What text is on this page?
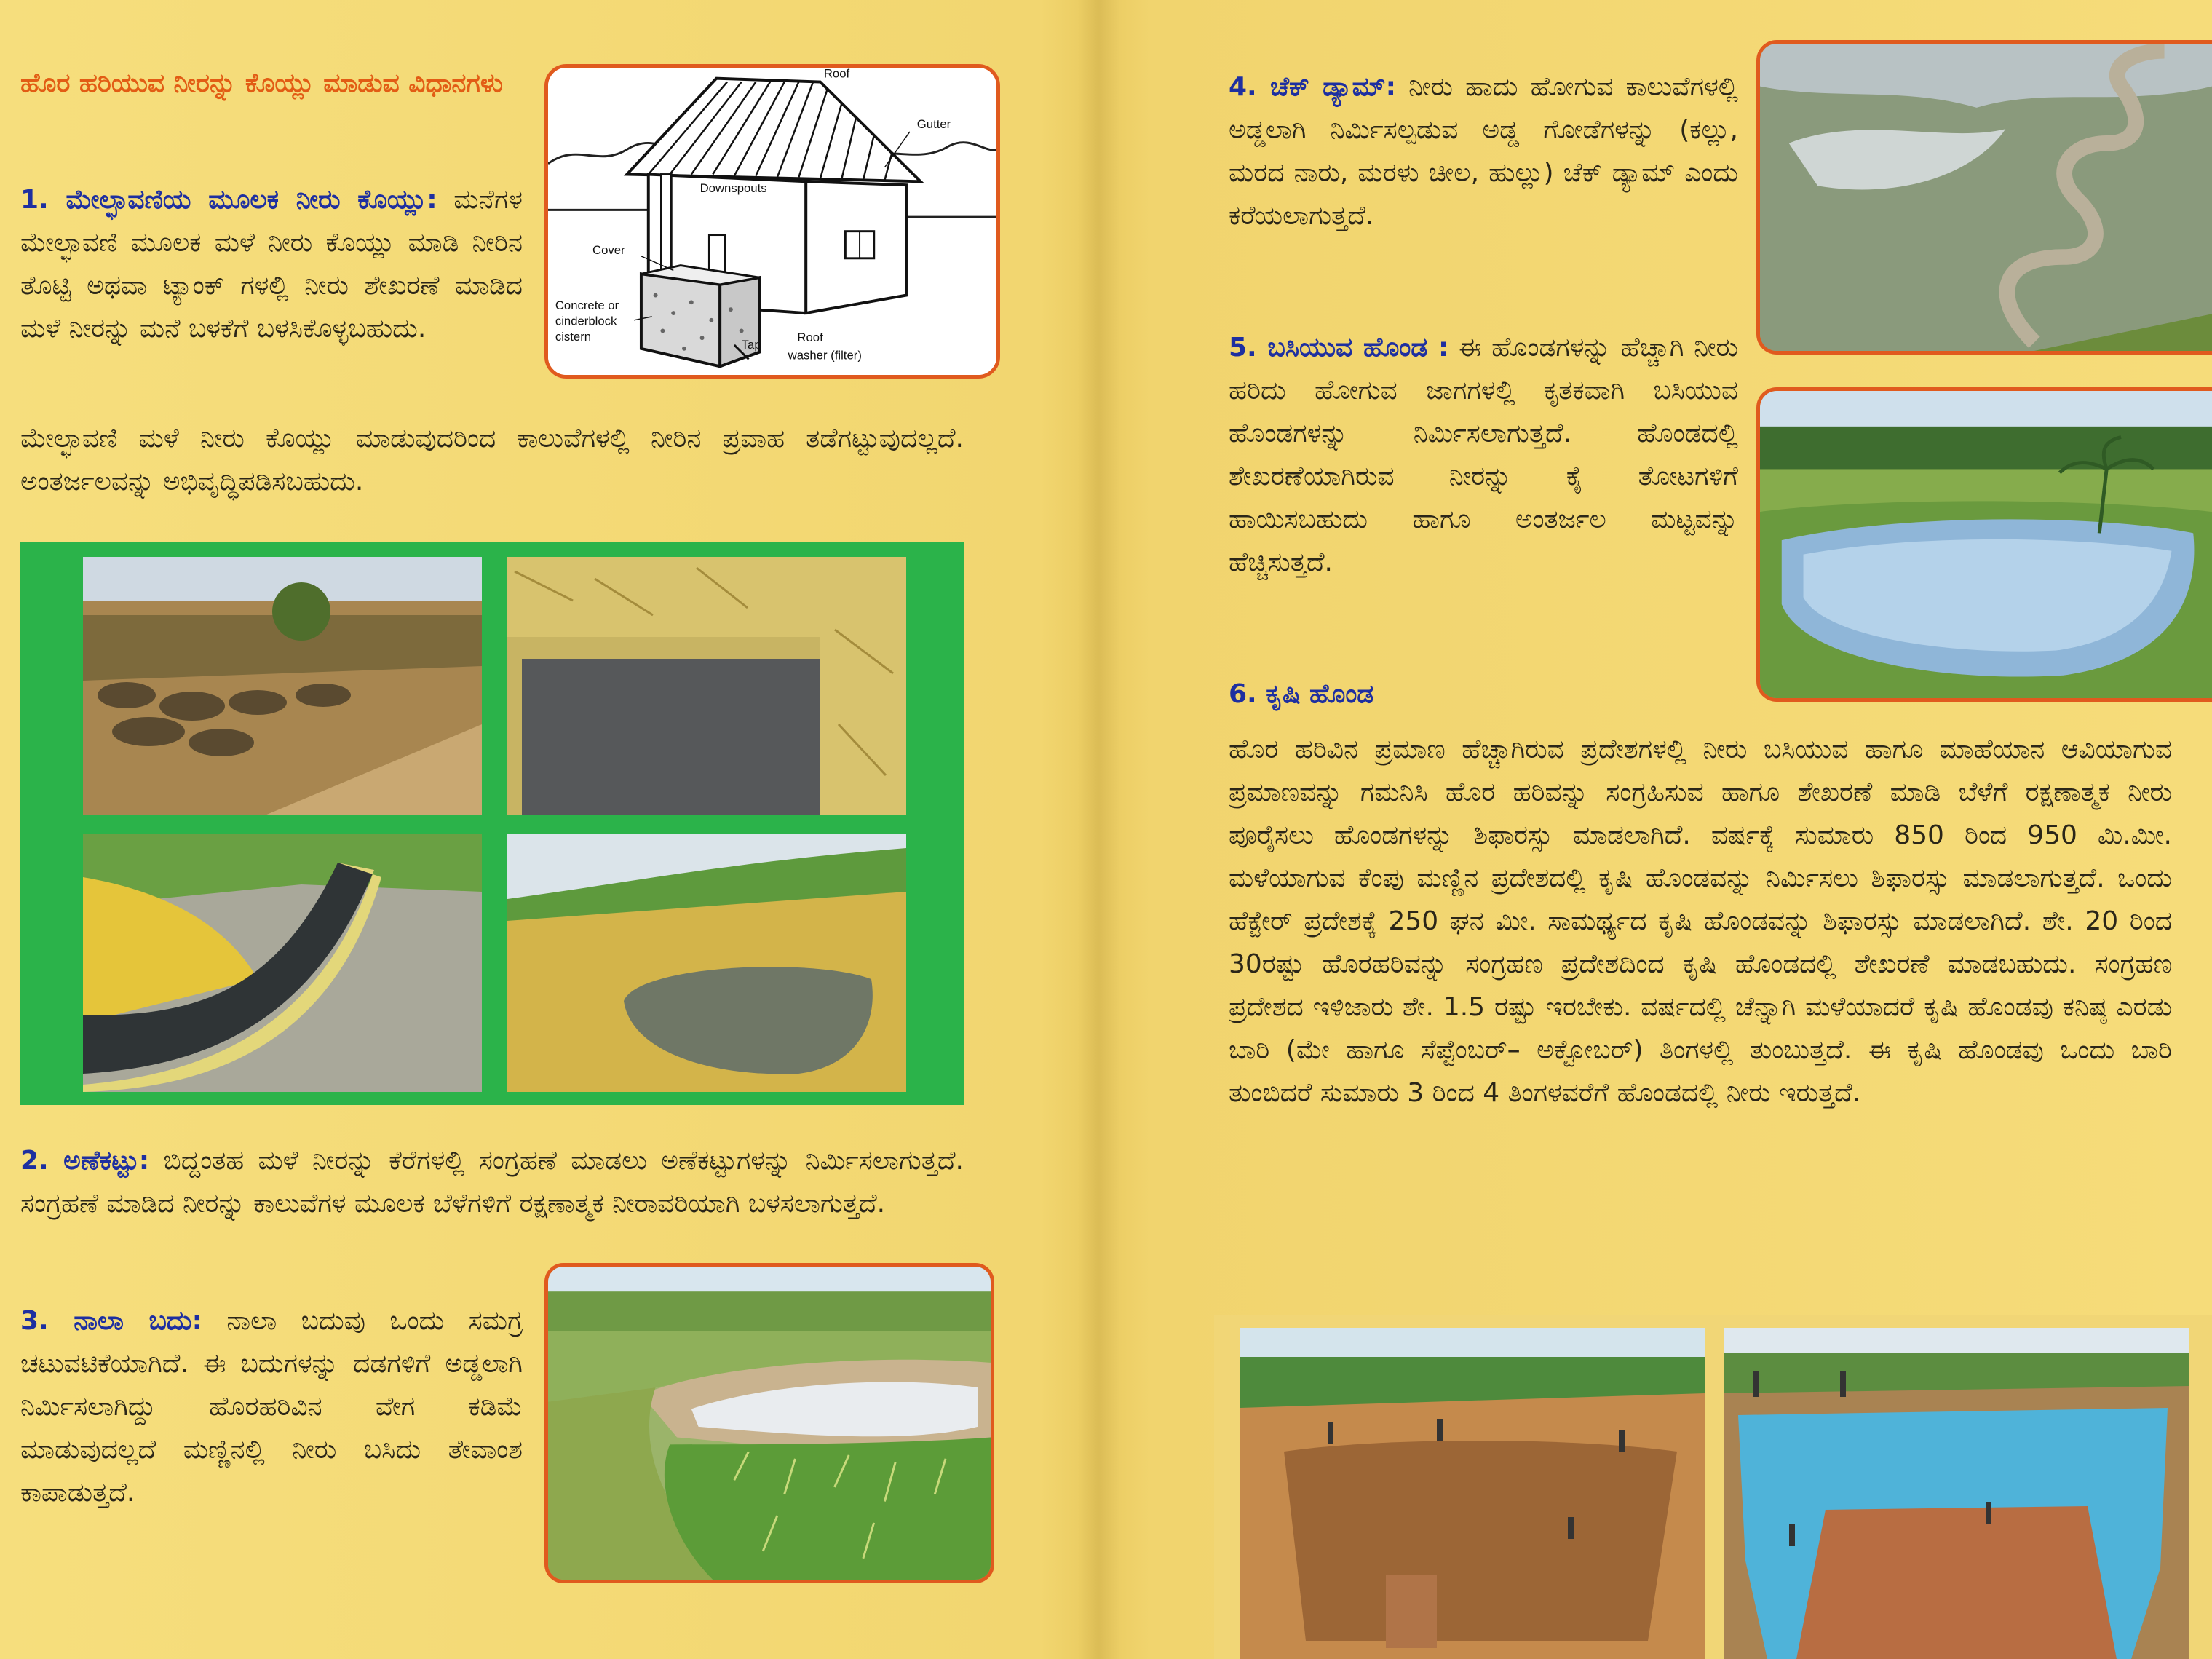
ಹೊರ ಹರಿಯುವ ನೀರನ್ನು ಕೊಯ್ಲು ಮಾಡುವ ವಿಧಾನಗಳು

1. ಮೇಲ್ಛಾವಣಿಯ ಮೂಲಕ ನೀರು ಕೊಯ್ಲು: ಮನೆಗಳ ಮೇಲ್ಛಾವಣಿ ಮೂಲಕ ಮಳೆ ನೀರು ಕೊಯ್ಲು ಮಾಡಿ ನೀರಿನ ತೊಟ್ಟಿ ಅಥವಾ ಟ್ಯಾಂಕ್ ಗಳಲ್ಲಿ ನೀರು ಶೇಖರಣೆ ಮಾಡಿದ ಮಳೆ ನೀರನ್ನು ಮನೆ ಬಳಕೆಗೆ ಬಳಸಿಕೊಳ್ಳಬಹುದು.

ಮೇಲ್ಛಾವಣಿ ಮಳೆ ನೀರು ಕೊಯ್ಲು ಮಾಡುವುದರಿಂದ ಕಾಲುವೆಗಳಲ್ಲಿ ನೀರಿನ ಪ್ರವಾಹ ತಡೆಗಟ್ಟುವುದಲ್ಲದೆ. ಅಂತರ್ಜಲವನ್ನು ಅಭಿವೃದ್ಧಿಪಡಿಸಬಹುದು.

Roof
Gutter
Downspouts
Cover
Concrete or
cinderblock
cistern
Tap
Roof
washer (filter)

2. ಅಣೆಕಟ್ಟು: ಬಿದ್ದಂತಹ ಮಳೆ ನೀರನ್ನು ಕೆರೆಗಳಲ್ಲಿ ಸಂಗ್ರಹಣೆ ಮಾಡಲು ಅಣೆಕಟ್ಟುಗಳನ್ನು ನಿರ್ಮಿಸಲಾಗುತ್ತದೆ. ಸಂಗ್ರಹಣೆ ಮಾಡಿದ ನೀರನ್ನು ಕಾಲುವೆಗಳ ಮೂಲಕ ಬೆಳೆಗಳಿಗೆ ರಕ್ಷಣಾತ್ಮಕ ನೀರಾವರಿಯಾಗಿ ಬಳಸಲಾಗುತ್ತದೆ.

3. ನಾಲಾ ಬದು: ನಾಲಾ ಬದುವು ಒಂದು ಸಮಗ್ರ ಚಟುವಟಿಕೆಯಾಗಿದೆ. ಈ ಬದುಗಳನ್ನು ದಡಗಳಿಗೆ ಅಡ್ಡಲಾಗಿ ನಿರ್ಮಿಸಲಾಗಿದ್ದು ಹೊರಹರಿವಿನ ವೇಗ ಕಡಿಮೆ ಮಾಡುವುದಲ್ಲದೆ ಮಣ್ಣಿನಲ್ಲಿ ನೀರು ಬಸಿದು ತೇವಾಂಶ ಕಾಪಾಡುತ್ತದೆ.

4. ಚೆಕ್ ಡ್ಯಾಮ್: ನೀರು ಹಾದು ಹೋಗುವ ಕಾಲುವೆಗಳಲ್ಲಿ ಅಡ್ಡಲಾಗಿ ನಿರ್ಮಿಸಲ್ಪಡುವ ಅಡ್ಡ ಗೋಡೆಗಳನ್ನು (ಕಲ್ಲು, ಮರದ ನಾರು, ಮರಳು ಚೀಲ, ಹುಲ್ಲು) ಚೆಕ್ ಡ್ಯಾಮ್ ಎಂದು ಕರೆಯಲಾಗುತ್ತದೆ.

5. ಬಸಿಯುವ ಹೊಂಡ : ಈ ಹೊಂಡಗಳನ್ನು ಹೆಚ್ಚಾಗಿ ನೀರು ಹರಿದು ಹೋಗುವ ಜಾಗಗಳಲ್ಲಿ ಕೃತಕವಾಗಿ ಬಸಿಯುವ ಹೊಂಡಗಳನ್ನು ನಿರ್ಮಿಸಲಾಗುತ್ತದೆ. ಹೊಂಡದಲ್ಲಿ ಶೇಖರಣೆಯಾಗಿರುವ ನೀರನ್ನು ಕೈ ತೋಟಗಳಿಗೆ ಹಾಯಿಸಬಹುದು ಹಾಗೂ ಅಂತರ್ಜಲ ಮಟ್ಟವನ್ನು ಹೆಚ್ಚಿಸುತ್ತದೆ.

6. ಕೃಷಿ ಹೊಂಡ

ಹೊರ ಹರಿವಿನ ಪ್ರಮಾಣ ಹೆಚ್ಚಾಗಿರುವ ಪ್ರದೇಶಗಳಲ್ಲಿ ನೀರು ಬಸಿಯುವ ಹಾಗೂ ಮಾಹೆಯಾನ ಆವಿಯಾಗುವ ಪ್ರಮಾಣವನ್ನು ಗಮನಿಸಿ ಹೊರ ಹರಿವನ್ನು ಸಂಗ್ರಹಿಸುವ ಹಾಗೂ ಶೇಖರಣೆ ಮಾಡಿ ಬೆಳೆಗೆ ರಕ್ಷಣಾತ್ಮಕ ನೀರು ಪೂರೈಸಲು ಹೊಂಡಗಳನ್ನು ಶಿಫಾರಸ್ಸು ಮಾಡಲಾಗಿದೆ. ವರ್ಷಕ್ಕೆ ಸುಮಾರು 850 ರಿಂದ 950 ಮಿ.ಮೀ. ಮಳೆಯಾಗುವ ಕೆಂಪು ಮಣ್ಣಿನ ಪ್ರದೇಶದಲ್ಲಿ ಕೃಷಿ ಹೊಂಡವನ್ನು ನಿರ್ಮಿಸಲು ಶಿಫಾರಸ್ಸು ಮಾಡಲಾಗುತ್ತದೆ. ಒಂದು ಹೆಕ್ಟೇರ್ ಪ್ರದೇಶಕ್ಕೆ 250 ಘನ ಮೀ. ಸಾಮರ್ಥ್ಯದ ಕೃಷಿ ಹೊಂಡವನ್ನು ಶಿಫಾರಸ್ಸು ಮಾಡಲಾಗಿದೆ. ಶೇ. 20 ರಿಂದ 30ರಷ್ಟು ಹೊರಹರಿವನ್ನು ಸಂಗ್ರಹಣ ಪ್ರದೇಶದಿಂದ ಕೃಷಿ ಹೊಂಡದಲ್ಲಿ ಶೇಖರಣೆ ಮಾಡಬಹುದು. ಸಂಗ್ರಹಣ ಪ್ರದೇಶದ ಇಳಿಜಾರು ಶೇ. 1.5 ರಷ್ಟು ಇರಬೇಕು. ವರ್ಷದಲ್ಲಿ ಚೆನ್ನಾಗಿ ಮಳೆಯಾದರೆ ಕೃಷಿ ಹೊಂಡವು ಕನಿಷ್ಠ ಎರಡು ಬಾರಿ (ಮೇ ಹಾಗೂ ಸೆಪ್ಟೆಂಬರ್– ಅಕ್ಟೋಬರ್) ತಿಂಗಳಲ್ಲಿ ತುಂಬುತ್ತದೆ. ಈ ಕೃಷಿ ಹೊಂಡವು ಒಂದು ಬಾರಿ ತುಂಬಿದರೆ ಸುಮಾರು 3 ರಿಂದ 4 ತಿಂಗಳವರೆಗೆ ಹೊಂಡದಲ್ಲಿ ನೀರು ಇರುತ್ತದೆ.
